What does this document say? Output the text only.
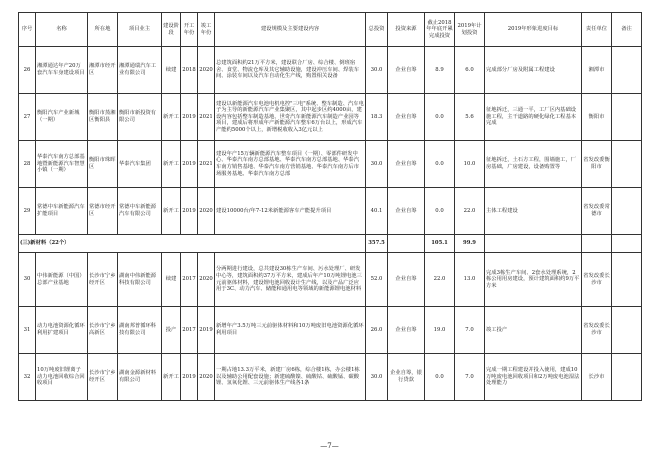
序号	名称	所在地	项目业主	建设阶段	开工年份	竣工年份	建设规模及主要建设内容	总投资	投资来源	截止2018年年底开累完成投资	2019年计划投资	2019年形象进度目标	责任单位	备注
26	湘潭通达年产20万套汽车车身建设项目	湘潭市经开区	湘潭通瑞汽车工业有限公司	续建	2018	2020	总建筑面积约21万平方米，建设联合厂房、综合楼、倒班宿舍、食堂、物流仓库及其它辅助设施，建设冲压车间、焊装车间、涂装车间以及汽车自动化生产线，购置相关设备	30.0	企业自筹	8.9	6.0	完成部分厂房及附属工程建设	湘潭市	
27	衡阳汽车产业新城（一期）	衡阳市蒸湘区衡阳县	衡阳市新投资有限公司	新开工	2019	2021	建设以新能源汽车电池电机电控"三电"系统、整车制造、汽车电子为主导的新能源汽车产业集聚区，其中起步区约4000亩，建设内容包括整车制造基地、世奇汽车新能源汽车制造产业园等项目，建成后将形成年产新能源汽车整车6万台以上，形成汽车产能约5000个以上，新增税收收入3亿元以上	18.3	企业自筹	0.0	5.6	征地拆迁，三通一平，工厂区内基础设施工程，主干道路的硬化绿化工程基本完成	衡阳市	
28	华泰汽车南方总部基地暨新能源汽车智慧小镇（一期）	衡阳市珠晖区	华泰汽车集团	新开工	2019	2021	建设年产15万辆新能源汽车整车项目（一期）、零部件研发中心、华泰汽车南方总部基地、华泰汽车南方总部基地、华泰汽车南方销售基地、华泰汽车南方营销基地、华泰汽车南方后市场服务基地、华泰汽车南方总部	30.0	企业自筹	0.0	10.0	征地拆迁，土石方工程，围墙施工，厂房基础，广房建设，设备购置等	省发改委衡阳市	
29	常德中车新能源汽车扩能项目	常德市经开区	常德中车新能源汽车有限公司	新开工	2019	2020	建设10000台/年7-12米新能源客车产能提升项目	40.1	企业自筹	0.0	22.0	主体工程建设	省发改委常德市	
(三)新材料（22个）								357.5		105.1	99.9			
30	中伟新能源（中国）总部产业基地	长沙市宁乡经开区	湖南中伟新能源科技有限公司	续建	2017	2020	分两期进行建设，总共建设30栋生产车间、污水处理厂、研发中心等，建筑面积约37万平方米，建成后年产10万吨锂电池三元前驱体材料，建设锂电池回收设计生产线，以及产品广泛应用于3C、动力汽车、储能和通用电等领域的新能源锂电池材料	52.0	企业自筹	22.0	13.0	完成3栋生产车间、2套水处理系统，2栋公用用房建设，预计建筑面积约9万平方米	省发改委长沙市	
31	动力电池资源化循环利用扩建项目	长沙市宁乡高新区	湖南邦普循环科技有限公司	投产	2017	2019	新增年产3.5万吨三元前驱体材料和10万吨废旧电池资源化循环利用项目	26.0	企业自筹	19.0	7.0	竣工投产	省发改委长沙市	
32	10万吨废旧锂离子动力电池回收综合回收项目	长沙市宁乡经开区	湖南金源新材料有限公司	新开工	2019	2020	一期占地13.3万平米，新建厂房6栋，综合楼1栋，办公楼1栋以及辅助公用配套设施；新建硫酸镍、硫酸钴、硫酸锰、碳酸锂、氢氧化锂、三元前驱体生产线各1条	30.0	企业自筹，银行贷款	0.0	7.0	完成一期工程建设并投入使用，建成10万吨废电池回收项目和2万吨废电池湿法处理能力	长沙市	
—7—
